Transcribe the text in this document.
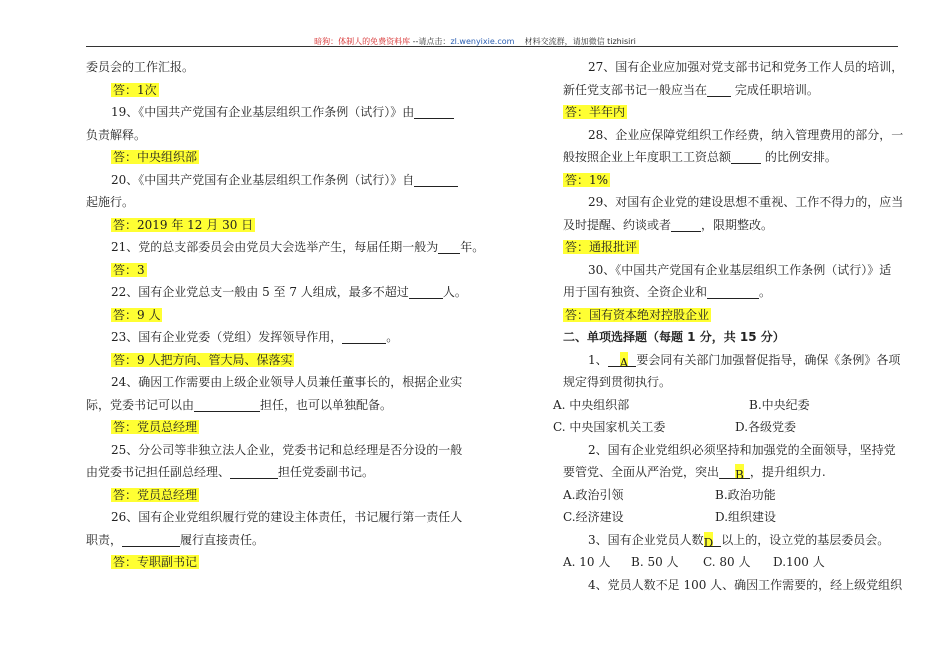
暗狗：体制人的免费资料库 --请点击：zl.wenyixie.com 材料交流群，请加微信 tizhisiri
委员会的工作汇报。
答：1次
19、《中国共产党国有企业基层组织工作条例（试行）》由
负责解释。
答：中央组织部
20、《中国共产党国有企业基层组织工作条例（试行）》自
起施行。
答：2019 年 12 月 30 日
21、党的总支部委员会由党员大会选举产生，每届任期一般为 年。
答：3
22、国有企业党总支一般由 5 至 7 人组成，最多不超过	人。
答：9 人
23、国有企业党委（党组）发挥领导作用，	。
答：9 人把方向、管大局、保落实
24、确因工作需要由上级企业领导人员兼任董事长的，根据企业实
际，党委书记可以由	担任，也可以单独配备。
答：党员总经理
25、分公司等非独立法人企业，党委书记和总经理是否分设的一般
由党委书记担任副总经理、	担任党委副书记。
答：党员总经理
26、国有企业党组织履行党的建设主体责任，书记履行第一责任人
职责，	履行直接责任。
答：专职副书记
27、国有企业应加强对党支部书记和党务工作人员的培训，
新任党支部书记一般应当在 完成任职培训。
答：半年内
28、企业应保障党组织工作经费，纳入管理费用的部分，一
般按照企业上年度职工工资总额	的比例安排。
答：1%
29、对国有企业党的建设思想不重视、工作不得力的，应当
及时提醒、约谈或者	，限期整改。
答：通报批评
30、《中国共产党国有企业基层组织工作条例（试行）》适
用于国有独资、全资企业和	。
答：国有资本绝对控股企业
二、单项选择题（每题 1 分，共 15 分）
1、 A 要会同有关部门加强督促指导，确保《条例》各项
规定得到贯彻执行。
A. 中央组织部	B.中央纪委
C. 中央国家机关工委	D.各级党委
2、国有企业党组织必须坚持和加强党的全面领导，坚持党
要管党、全面从严治党，突出 B ，提升组织力.
A.政治引领	B.政治功能
C.经济建设	D.组织建设
3、国有企业党员人数D 以上的，设立党的基层委员会。
A. 10 人 B. 50 人 C. 80 人 D.100 人
4、党员人数不足 100 人、确因工作需要的，经上级党组织
